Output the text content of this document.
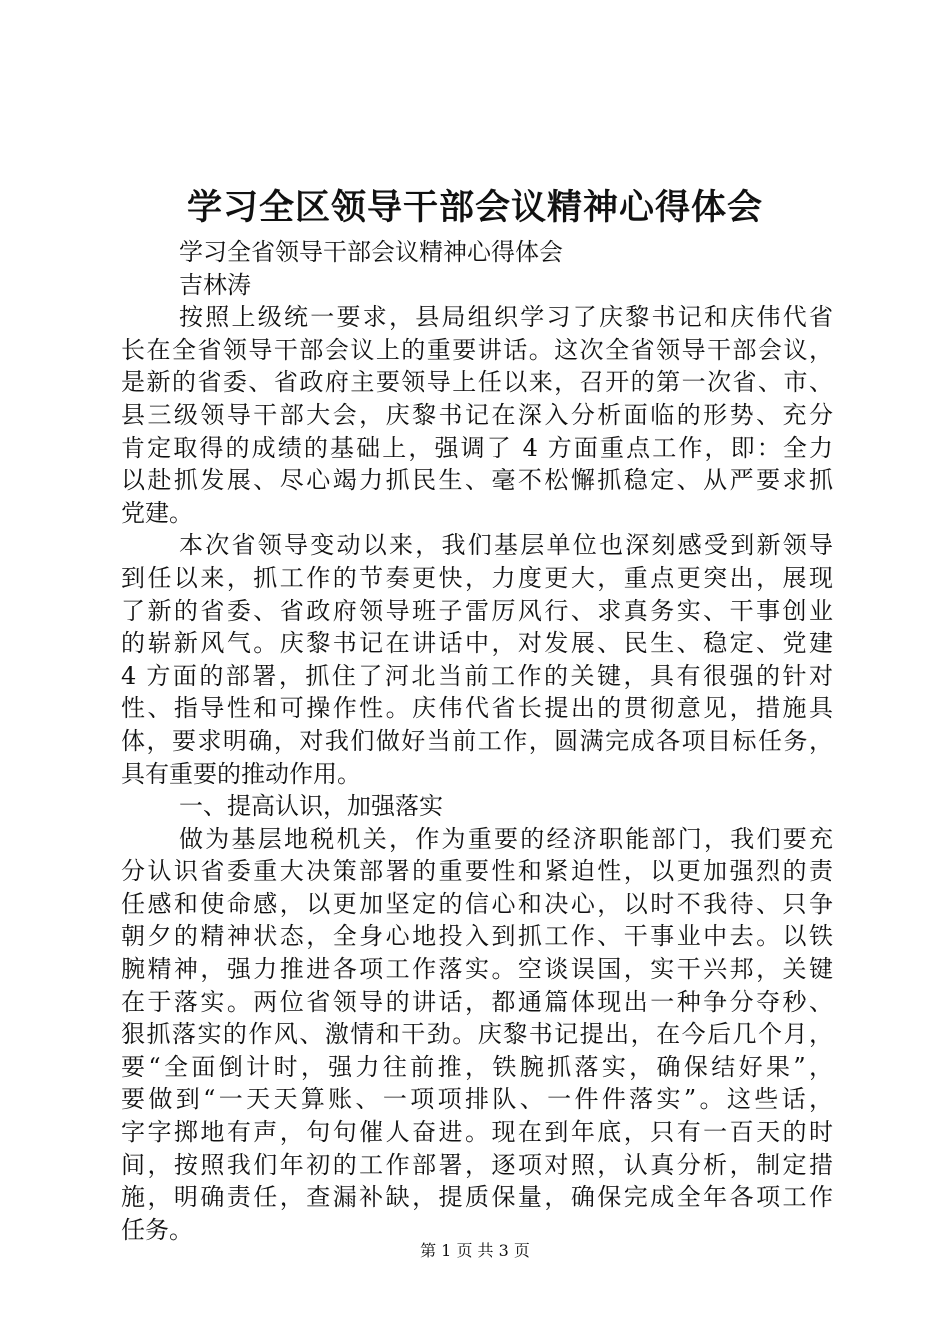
学习全区领导干部会议精神心得体会

学习全省领导干部会议精神心得体会

吉林涛

按照上级统一要求，县局组织学习了庆黎书记和庆伟代省

长在全省领导干部会议上的重要讲话。这次全省领导干部会议，

是新的省委、省政府主要领导上任以来，召开的第一次省、市、

县三级领导干部大会，庆黎书记在深入分析面临的形势、充分

肯定取得的成绩的基础上，强调了 4 方面重点工作，即：全力

以赴抓发展、尽心竭力抓民生、毫不松懈抓稳定、从严要求抓

党建。

本次省领导变动以来，我们基层单位也深刻感受到新领导

到任以来，抓工作的节奏更快，力度更大，重点更突出，展现

了新的省委、省政府领导班子雷厉风行、求真务实、干事创业

的崭新风气。庆黎书记在讲话中，对发展、民生、稳定、党建

4 方面的部署，抓住了河北当前工作的关键，具有很强的针对

性、指导性和可操作性。庆伟代省长提出的贯彻意见，措施具

体，要求明确，对我们做好当前工作，圆满完成各项目标任务，

具有重要的推动作用。

一、提高认识，加强落实

做为基层地税机关，作为重要的经济职能部门，我们要充

分认识省委重大决策部署的重要性和紧迫性，以更加强烈的责

任感和使命感，以更加坚定的信心和决心，以时不我待、只争

朝夕的精神状态，全身心地投入到抓工作、干事业中去。以铁

腕精神，强力推进各项工作落实。空谈误国，实干兴邦，关键

在于落实。两位省领导的讲话，都通篇体现出一种争分夺秒、

狠抓落实的作风、激情和干劲。庆黎书记提出，在今后几个月，

要“全面倒计时，强力往前推，铁腕抓落实，确保结好果”，

要做到“一天天算账、一项项排队、一件件落实”。这些话，

字字掷地有声，句句催人奋进。现在到年底，只有一百天的时

间，按照我们年初的工作部署，逐项对照，认真分析，制定措

施，明确责任，查漏补缺，提质保量，确保完成全年各项工作

任务。

第 1 页 共 3 页
